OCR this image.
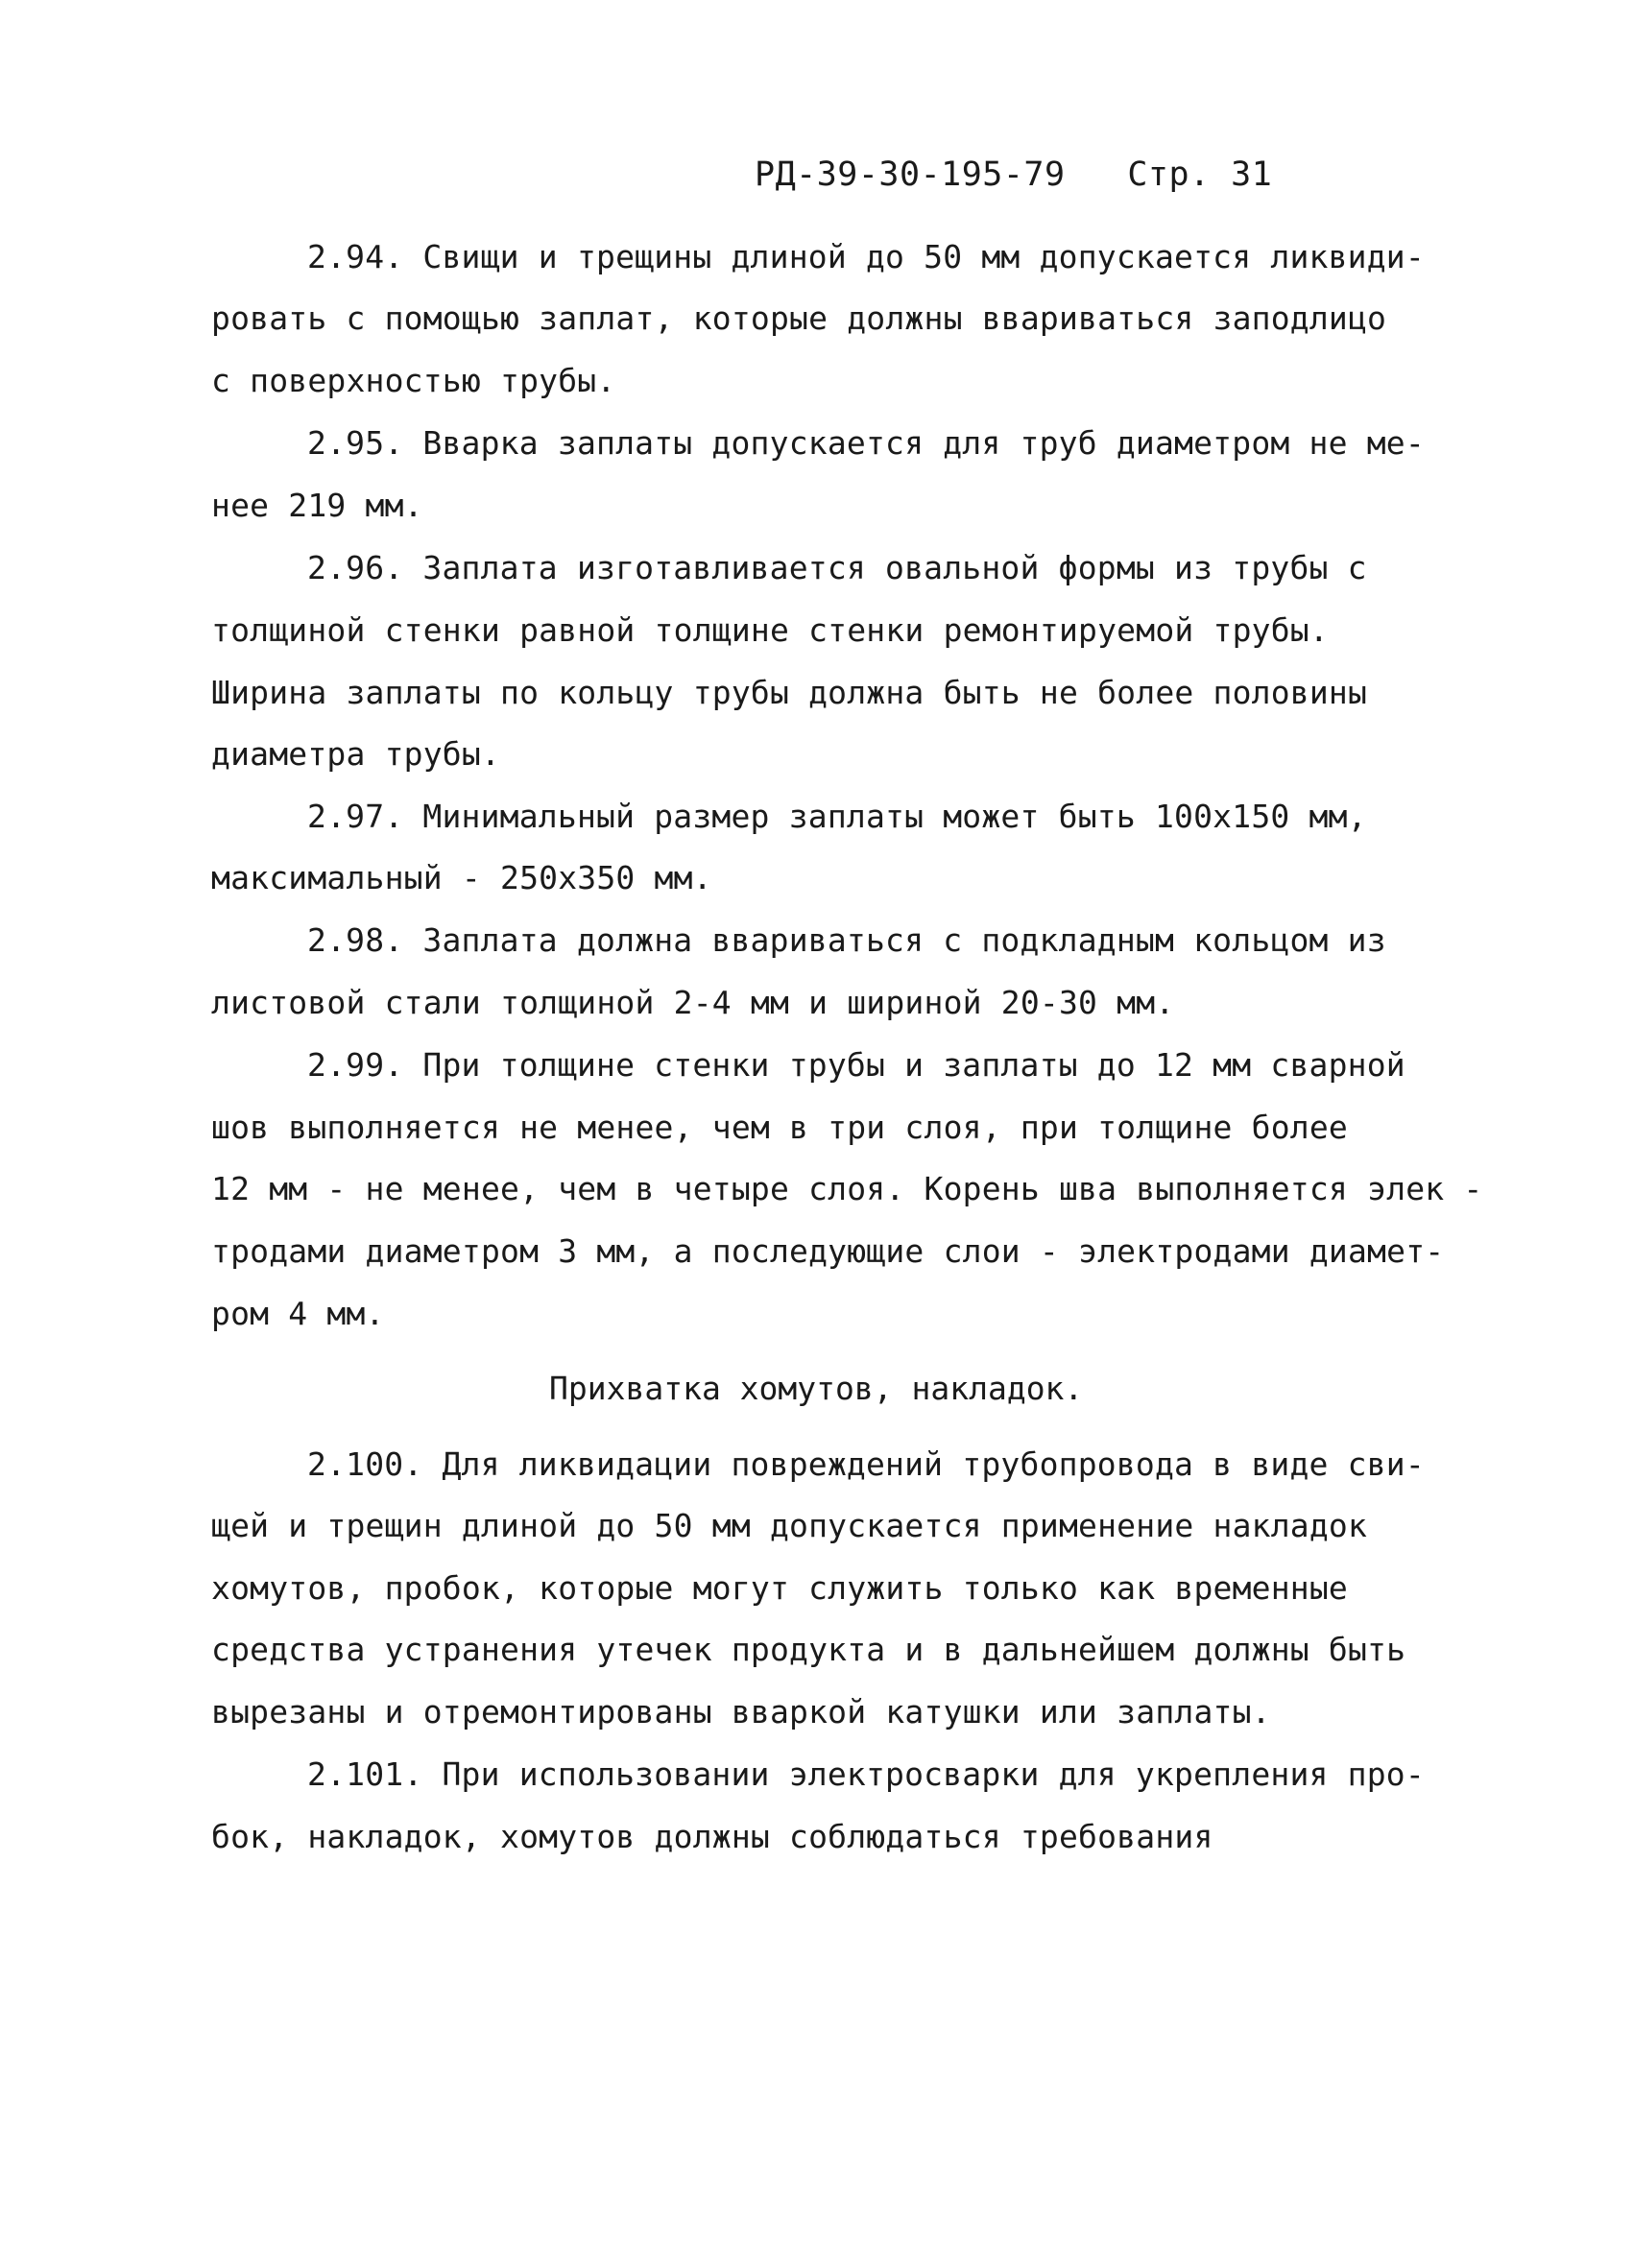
РД-39-30-195-79 Стр. 31
2.94. Свищи и трещины длиной до 50 мм допускается ликвиди-
ровать с помощью заплат, которые должны ввариваться заподлицо
с поверхностью трубы.
2.95. Вварка заплаты допускается для труб диаметром не ме-
нее 219 мм.
2.96. Заплата изготавливается овальной формы из трубы с
толщиной стенки равной толщине стенки ремонтируемой трубы.
Ширина заплаты по кольцу трубы должна быть не более половины
диаметра трубы.
2.97. Минимальный размер заплаты может быть 100х150 мм,
максимальный - 250х350 мм.
2.98. Заплата должна ввариваться с подкладным кольцом из
листовой стали толщиной 2-4 мм и шириной 20-30 мм.
2.99. При толщине стенки трубы и заплаты до 12 мм сварной
шов выполняется не менее, чем в три слоя, при толщине более
12 мм - не менее, чем в четыре слоя. Корень шва выполняется элек -
тродами диаметром 3 мм, а последующие слои - электродами диамет-
ром 4 мм.
Прихватка хомутов, накладок.
2.100. Для ликвидации повреждений трубопровода в виде сви-
щей и трещин длиной до 50 мм допускается применение накладок
хомутов, пробок, которые могут служить только как временные
средства устранения утечек продукта и в дальнейшем должны быть
вырезаны и отремонтированы вваркой катушки или заплаты.
2.101. При использовании электросварки для укрепления про-
бок, накладок, хомутов должны соблюдаться требования
